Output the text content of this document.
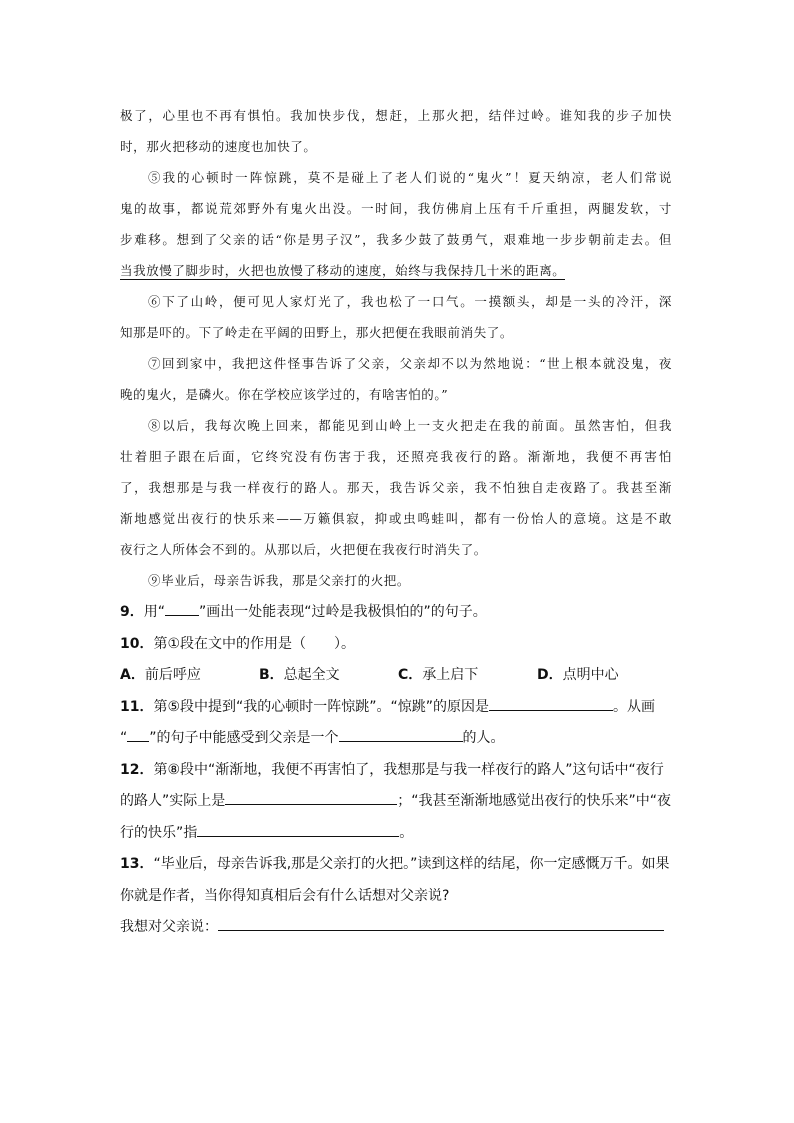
极了，心里也不再有惧怕。我加快步伐，想赶，上那火把，结伴过岭。谁知我的步子加快

时，那火把移动的速度也加快了。

⑤我的心顿时一阵惊跳，莫不是碰上了老人们说的“鬼火”！夏天纳凉，老人们常说

鬼的故事，都说荒郊野外有鬼火出没。一时间，我仿佛肩上压有千斤重担，两腿发软，寸

步难移。想到了父亲的话“你是男子汉”，我多少鼓了鼓勇气，艰难地一步步朝前走去。但

当我放慢了脚步时，火把也放慢了移动的速度，始终与我保持几十米的距离。

⑥下了山岭，便可见人家灯光了，我也松了一口气。一摸额头，却是一头的冷汗，深

知那是吓的。下了岭走在平阔的田野上，那火把便在我眼前消失了。

⑦回到家中，我把这件怪事告诉了父亲，父亲却不以为然地说：“世上根本就没鬼，夜

晚的鬼火，是磷火。你在学校应该学过的，有啥害怕的。”

⑧以后，我每次晚上回来，都能见到山岭上一支火把走在我的前面。虽然害怕，但我

壮着胆子跟在后面，它终究没有伤害于我，还照亮我夜行的路。渐渐地，我便不再害怕

了，我想那是与我一样夜行的路人。那天，我告诉父亲，我不怕独自走夜路了。我甚至渐

渐地感觉出夜行的快乐来——万籁俱寂，抑或虫鸣蛙叫，都有一份怡人的意境。这是不敢

夜行之人所体会不到的。从那以后，火把便在我夜行时消失了。

⑨毕业后，母亲告诉我，那是父亲打的火把。

9．用“ ”画出一处能表现“过岭是我极惧怕的”的句子。
10．第①段在文中的作用是（　　）。
A．前后呼应	B．总起全文	C．承上启下	D．点明中心
11．第⑤段中提到“我的心顿时一阵惊跳”。“惊跳”的原因是	。从画
“ ”的句子中能感受到父亲是一个	的人。
12．第⑧段中“渐渐地，我便不再害怕了，我想那是与我一样夜行的路人”这句话中“夜行
的路人”实际上是	；“我甚至渐渐地感觉出夜行的快乐来”中“夜
行的快乐”指	。
13．“毕业后，母亲告诉我,那是父亲打的火把。”读到这样的结尾，你一定感慨万千。如果
你就是作者，当你得知真相后会有什么话想对父亲说?
我想对父亲说：
